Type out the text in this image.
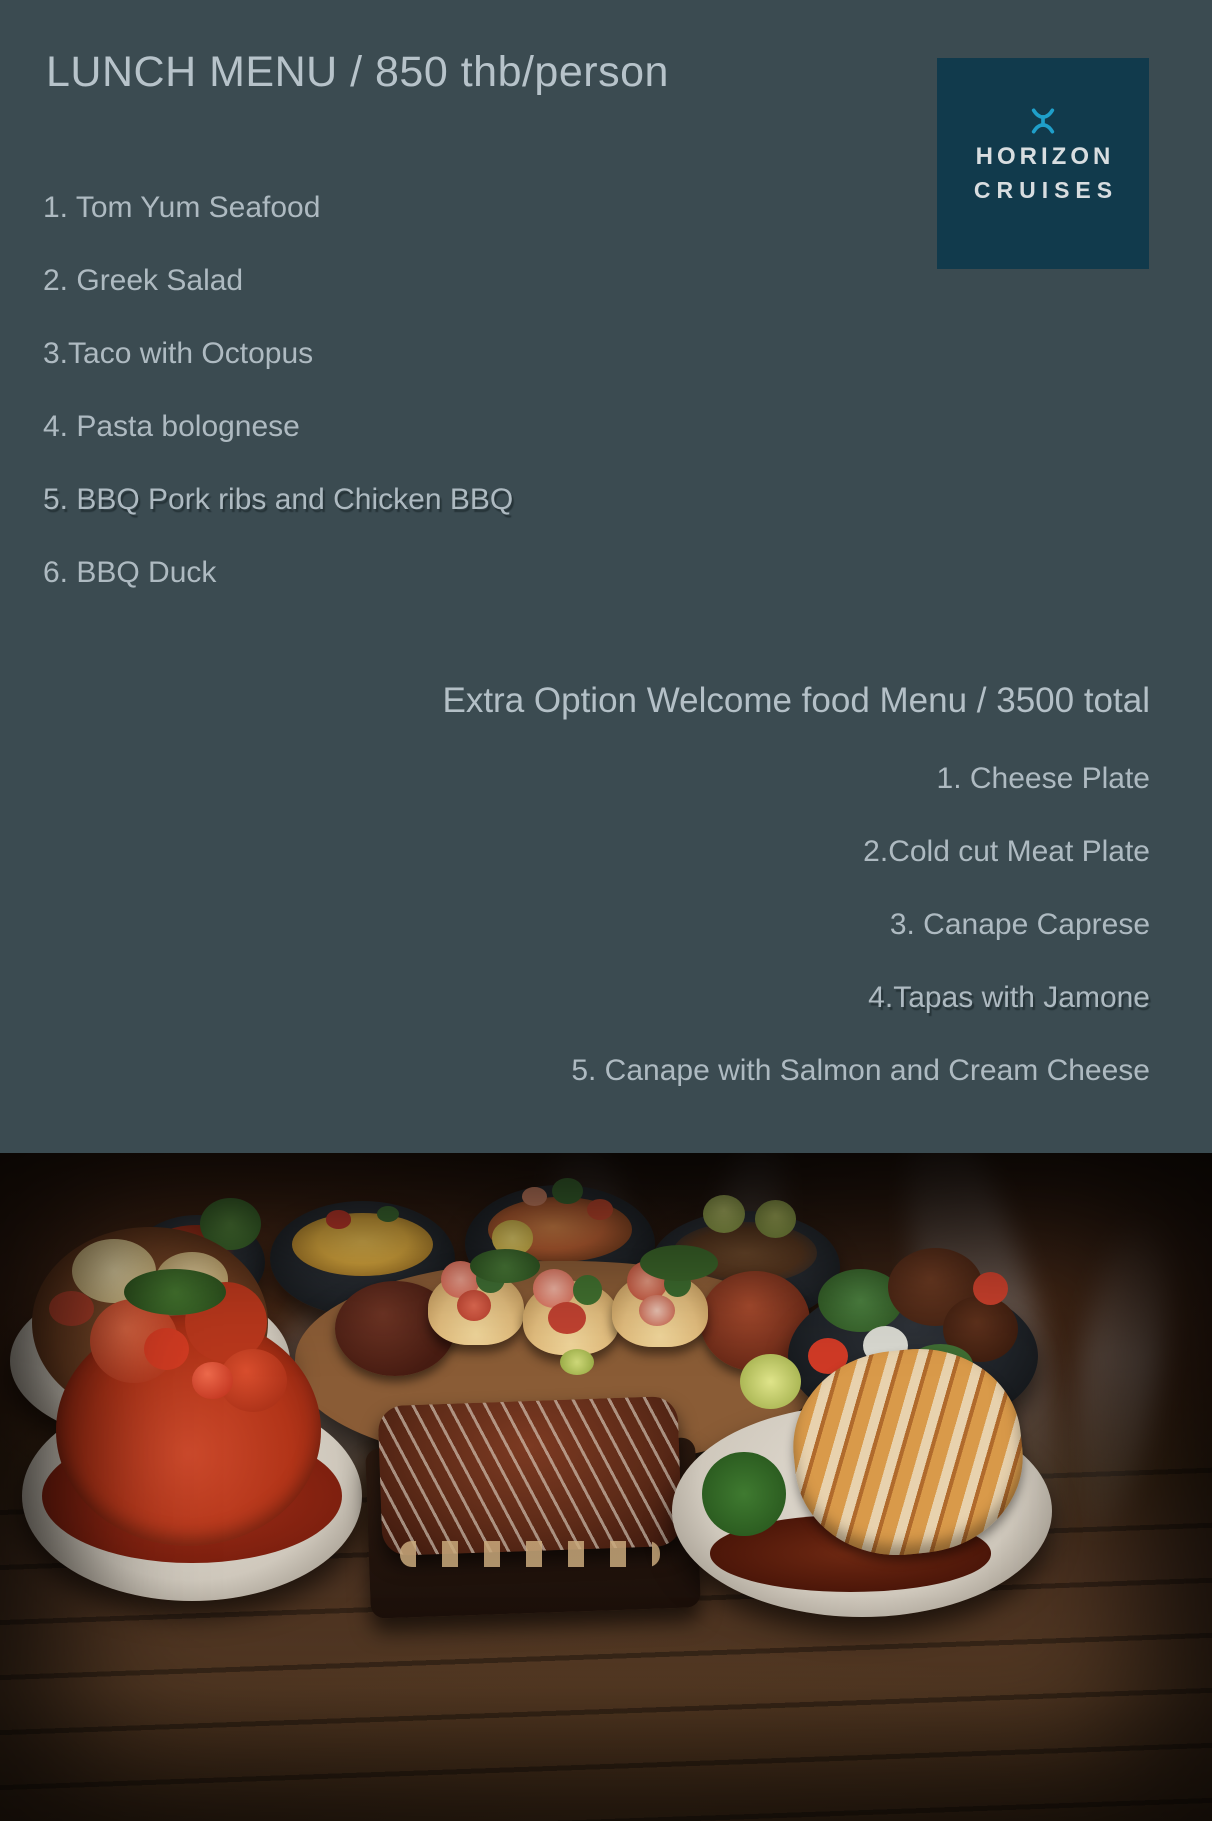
LUNCH MENU / 850 thb/person
HORIZON
CRUISES
1. Tom Yum Seafood
2. Greek Salad
3.Taco with Octopus
4. Pasta bolognese
5. BBQ Pork ribs and Chicken BBQ
6. BBQ Duck
Extra Option Welcome food Menu / 3500 total
1. Cheese Plate
2.Cold cut Meat Plate
3. Canape Caprese
4.Tapas with Jamone
5. Canape with Salmon and Cream Cheese
